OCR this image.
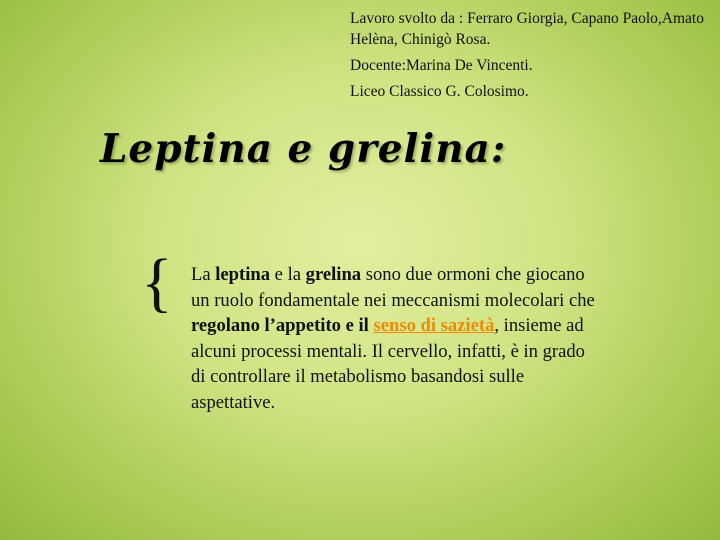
Lavoro svolto da : Ferraro Giorgia, Capano Paolo,Amato Helèna, Chinigò Rosa.

Docente:Marina De Vincenti.

Liceo Classico G. Colosimo.

Leptina e grelina:
{ La leptina e la grelina sono due ormoni che giocano un ruolo fondamentale nei meccanismi molecolari che regolano l’appetito e il senso di sazietà, insieme ad alcuni processi mentali. Il cervello, infatti, è in grado di controllare il metabolismo basandosi sulle aspettative.
